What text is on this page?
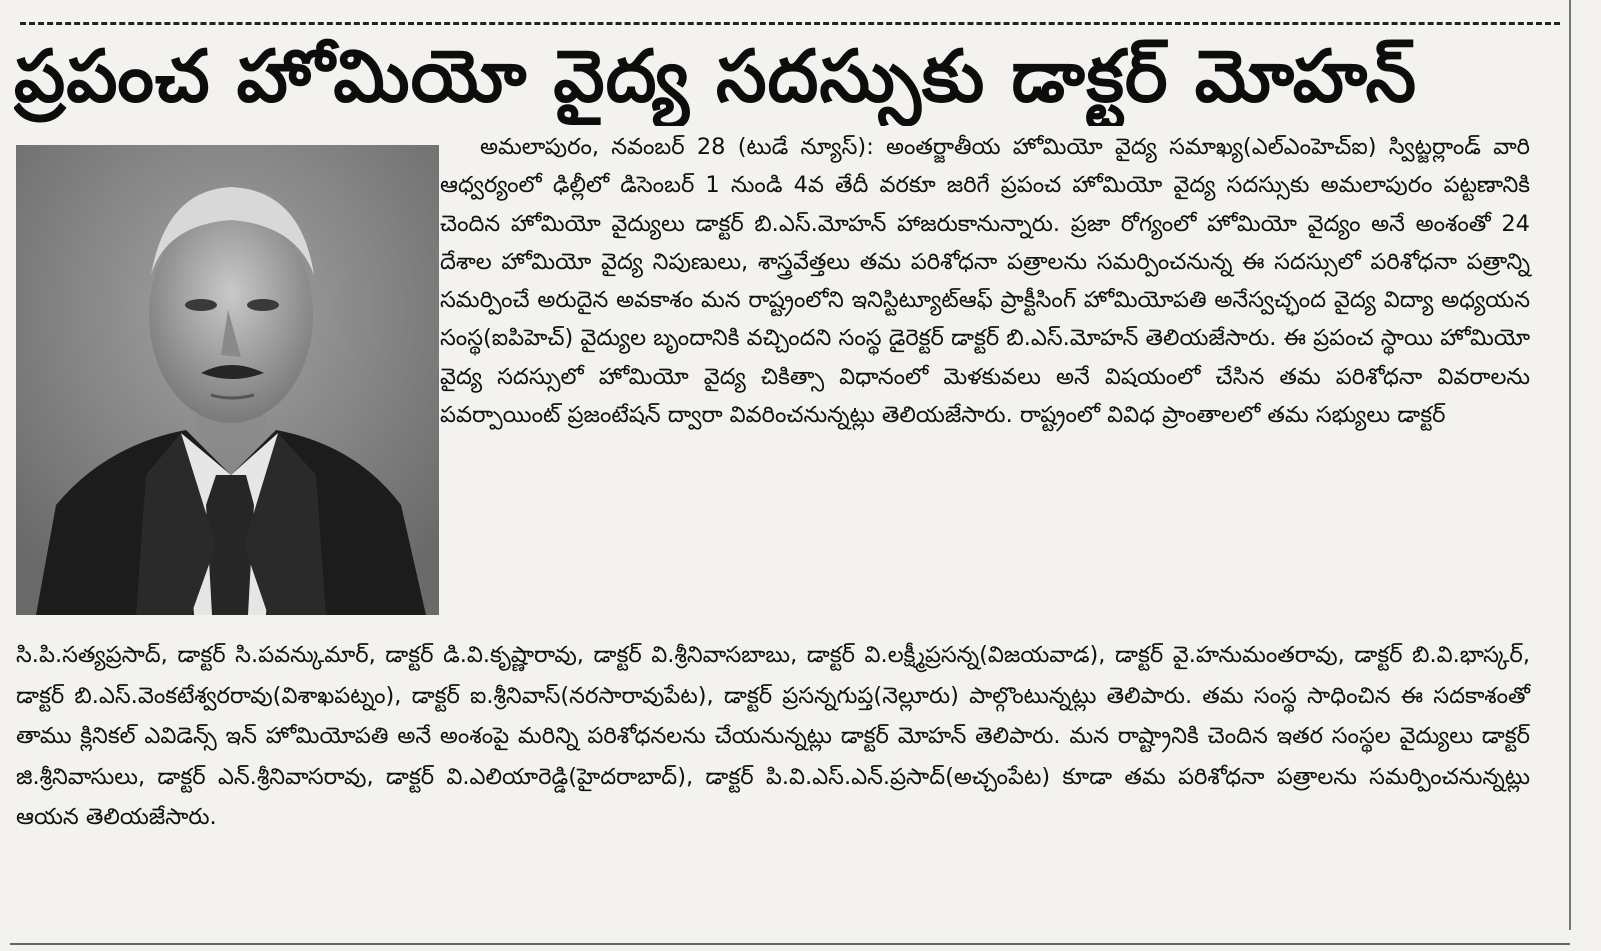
ప్రపంచ హోమియో వైద్య సదస్సుకు డాక్టర్ మోహన్
అమలాపురం, నవంబర్ 28 (టుడే న్యూస్): అంతర్జాతీయ హోమియో వైద్య సమాఖ్య(ఎల్ఎంహెచ్ఐ) స్విట్జర్లాండ్ వారి ఆధ్వర్యంలో ఢిల్లీలో డిసెంబర్ 1 నుండి 4వ తేదీ వరకూ జరిగే ప్రపంచ హోమియో వైద్య సదస్సుకు అమలాపురం పట్టణానికి చెందిన హోమియో వైద్యులు డాక్టర్ బి.ఎస్.మోహన్ హాజరుకానున్నారు. ప్రజా రోగ్యంలో హోమియో వైద్యం అనే అంశంతో 24 దేశాల హోమియో వైద్య నిపుణులు, శాస్త్రవేత్తలు తమ పరిశోధనా పత్రాలను సమర్పించనున్న ఈ సదస్సులో పరిశోధనా పత్రాన్ని సమర్పించే అరుదైన అవకాశం మన రాష్ట్రంలోని ఇనిస్టిట్యూట్ఆఫ్ ప్రాక్టీసింగ్ హోమియోపతి అనేస్వచ్ఛంద వైద్య విద్యా అధ్యయన సంస్థ(ఐపిహెచ్) వైద్యుల బృందానికి వచ్చిందని సంస్థ డైరెక్టర్ డాక్టర్ బి.ఎస్.మోహన్ తెలియజేసారు. ఈ ప్రపంచ స్థాయి హోమియో వైద్య సదస్సులో హోమియో వైద్య చికిత్సా విధానంలో మెళకువలు అనే విషయంలో చేసిన తమ పరిశోధనా వివరాలను పవర్పాయింట్ ప్రజంటేషన్ ద్వారా వివరించనున్నట్లు తెలియజేసారు. రాష్ట్రంలో వివిధ ప్రాంతాలలో తమ సభ్యులు డాక్టర్
సి.పి.సత్యప్రసాద్, డాక్టర్ సి.పవన్కుమార్, డాక్టర్ డి.వి.కృష్ణారావు, డాక్టర్ వి.శ్రీనివాసబాబు, డాక్టర్ వి.లక్ష్మీప్రసన్న(విజయవాడ), డాక్టర్ వై.హనుమంతరావు, డాక్టర్ బి.వి.భాస్కర్, డాక్టర్ బి.ఎస్.వెంకటేశ్వరరావు(విశాఖపట్నం), డాక్టర్ ఐ.శ్రీనివాస్(నరసారావుపేట), డాక్టర్ ప్రసన్నగుప్త(నెల్లూరు) పాల్గొంటున్నట్లు తెలిపారు. తమ సంస్థ సాధించిన ఈ సదకాశంతో తాము క్లినికల్ ఎవిడెన్స్ ఇన్ హోమియోపతి అనే అంశంపై మరిన్ని పరిశోధనలను చేయనున్నట్లు డాక్టర్ మోహన్ తెలిపారు. మన రాష్ట్రానికి చెందిన ఇతర సంస్థల వైద్యులు డాక్టర్ జి.శ్రీనివాసులు, డాక్టర్ ఎన్.శ్రీనివాసరావు, డాక్టర్ వి.ఎలియారెడ్డి(హైదరాబాద్), డాక్టర్ పి.వి.ఎస్.ఎన్.ప్రసాద్(అచ్చంపేట) కూడా తమ పరిశోధనా పత్రాలను సమర్పించనున్నట్లు ఆయన తెలియజేసారు.
